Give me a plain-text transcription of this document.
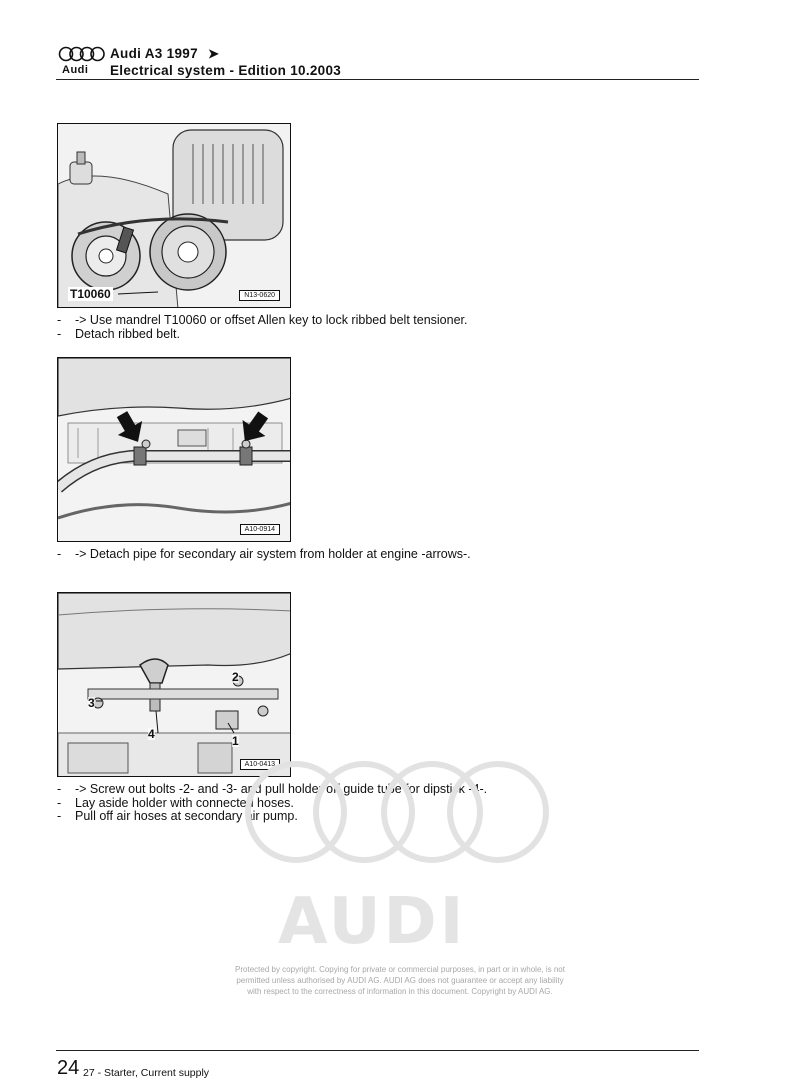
Audi
Audi A3 1997 ➤
Electrical system - Edition 10.2003
T10060	N13-0620
-	-> Use mandrel T10060 or offset Allen key to lock ribbed belt tensioner.
-	Detach ribbed belt.
A10-0914
-	-> Detach pipe for secondary air system from holder at engine -arrows-.
3
2
1
4
A10-0413
-	-> Screw out bolts -2- and -3- and pull holder off guide tube for dipstick -4-.
-	Lay aside holder with connected hoses.
-	Pull off air hoses at secondary air pump.
AUDI
Protected by copyright. Copying for private or commercial purposes, in part or in whole, is not
permitted unless authorised by AUDI AG. AUDI AG does not guarantee or accept any liability
with respect to the correctness of information in this document. Copyright by AUDI AG.
24 27 - Starter, Current supply
